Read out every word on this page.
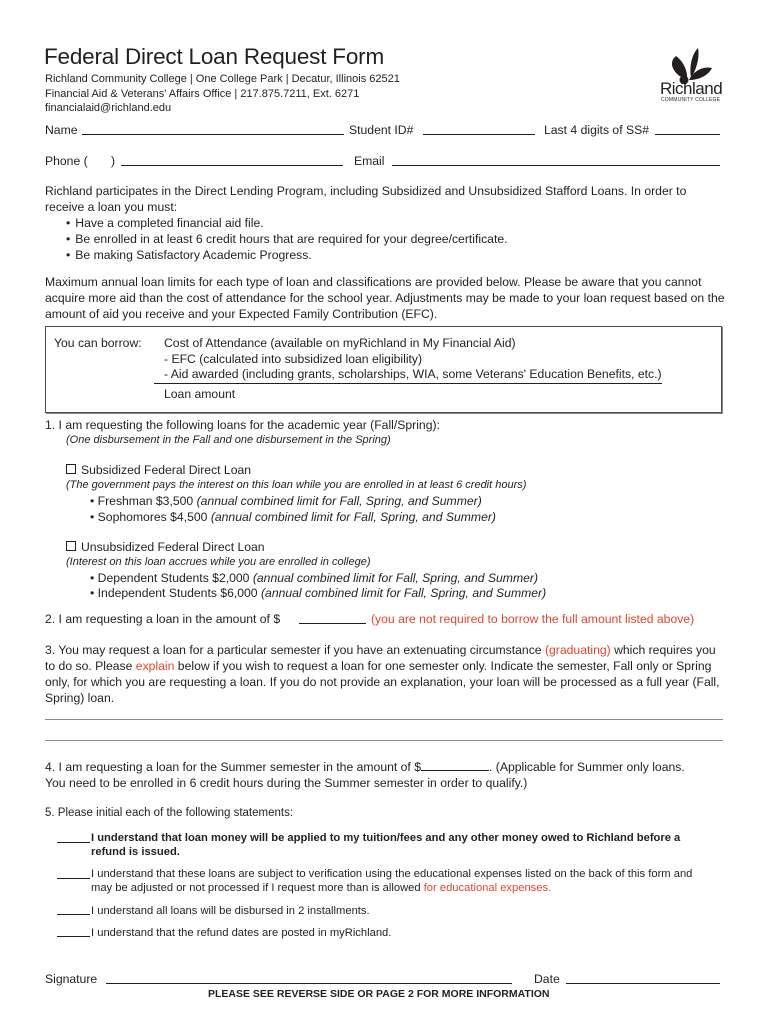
Federal Direct Loan Request Form
Richland Community College | One College Park | Decatur, Illinois 62521
Financial Aid & Veterans' Affairs Office | 217.875.7211, Ext. 6271
financialaid@richland.edu
Richland
COMMUNITY COLLEGE
Name	Student ID#	Last 4 digits of SS#
Phone ( )	Email
Richland participates in the Direct Lending Program, including Subsidized and Unsubsidized Stafford Loans. In order to receive a loan you must:
• Have a completed financial aid file.
• Be enrolled in at least 6 credit hours that are required for your degree/certificate.
• Be making Satisfactory Academic Progress.
Maximum annual loan limits for each type of loan and classifications are provided below. Please be aware that you cannot acquire more aid than the cost of attendance for the school year. Adjustments may be made to your loan request based on the amount of aid you receive and your Expected Family Contribution (EFC).
You can borrow: Cost of Attendance (available on myRichland in My Financial Aid)
- EFC (calculated into subsidized loan eligibility)
- Aid awarded (including grants, scholarships, WIA, some Veterans' Education Benefits, etc.)
Loan amount
1. I am requesting the following loans for the academic year (Fall/Spring):
(One disbursement in the Fall and one disbursement in the Spring)
Subsidized Federal Direct Loan
(The government pays the interest on this loan while you are enrolled in at least 6 credit hours)
• Freshman $3,500 (annual combined limit for Fall, Spring, and Summer)
• Sophomores $4,500 (annual combined limit for Fall, Spring, and Summer)
Unsubsidized Federal Direct Loan
(Interest on this loan accrues while you are enrolled in college)
• Dependent Students $2,000 (annual combined limit for Fall, Spring, and Summer)
• Independent Students $6,000 (annual combined limit for Fall, Spring, and Summer)
2. I am requesting a loan in the amount of $	(you are not required to borrow the full amount listed above)
3. You may request a loan for a particular semester if you have an extenuating circumstance (graduating) which requires you to do so. Please explain below if you wish to request a loan for one semester only. Indicate the semester, Fall only or Spring only, for which you are requesting a loan. If you do not provide an explanation, your loan will be processed as a full year (Fall, Spring) loan.
4. I am requesting a loan for the Summer semester in the amount of $	. (Applicable for Summer only loans.
You need to be enrolled in 6 credit hours during the Summer semester in order to qualify.)
5. Please initial each of the following statements:
I understand that loan money will be applied to my tuition/fees and any other money owed to Richland before a refund is issued.
I understand that these loans are subject to verification using the educational expenses listed on the back of this form and may be adjusted or not processed if I request more than is allowed for educational expenses.
I understand all loans will be disbursed in 2 installments.
I understand that the refund dates are posted in myRichland.
Signature	Date
PLEASE SEE REVERSE SIDE OR PAGE 2 FOR MORE INFORMATION
